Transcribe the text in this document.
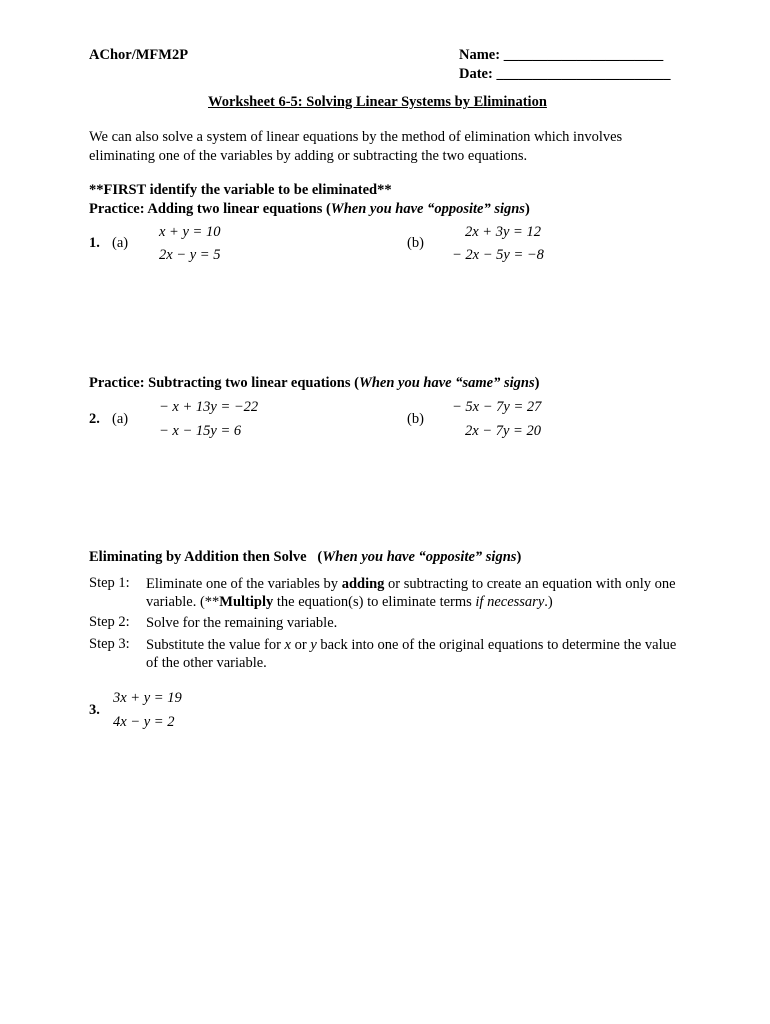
AChor/MFM2P	Name: ______________________
Date: ________________________
Worksheet 6-5: Solving Linear Systems by Elimination
We can also solve a system of linear equations by the method of elimination which involves eliminating one of the variables by adding or subtracting the two equations.
**FIRST identify the variable to be eliminated**
Practice: Adding two linear equations (When you have “opposite” signs)
1. (a)
x + y = 10
2x − y = 5
(b)
2x + 3y = 12
− 2x − 5y = −8
Practice: Subtracting two linear equations (When you have “same” signs)
2. (a)
− x + 13y = −22
− x − 15y = 6
(b)
− 5x − 7y = 27
2x − 7y = 20
Eliminating by Addition then Solve   (When you have “opposite” signs)
Step 1: Eliminate one of the variables by adding or subtracting to create an equation with only one variable. (**Multiply the equation(s) to eliminate terms if necessary.)
Step 2: Solve for the remaining variable.
Step 3: Substitute the value for x or y back into one of the original equations to determine the value of the other variable.
3.
3x + y = 19
4x − y = 2
